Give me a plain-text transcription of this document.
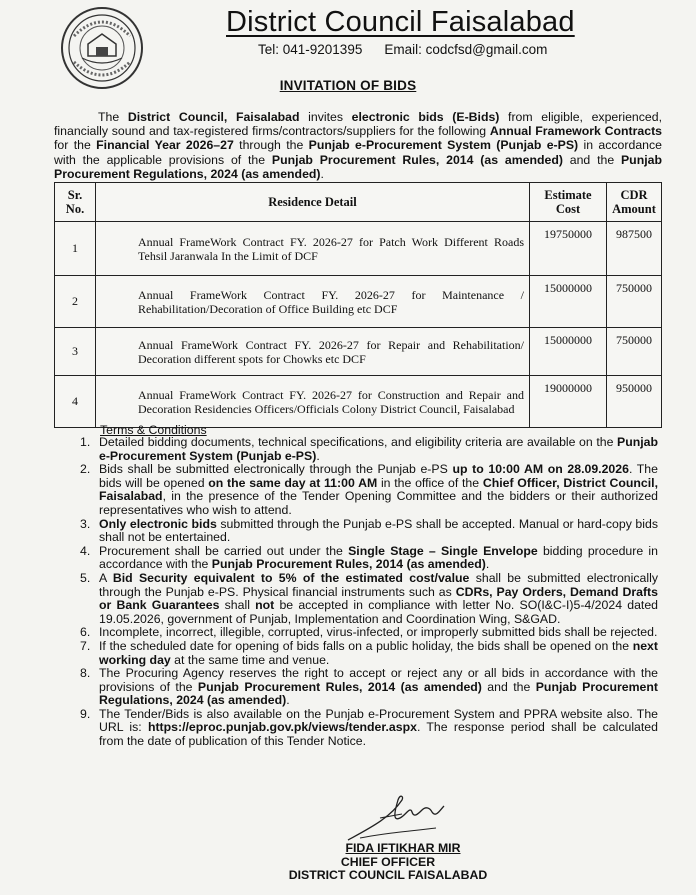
District Council Faisalabad
Tel: 041-9201395 Email: codcfsd@gmail.com
INVITATION OF BIDS
The District Council, Faisalabad invites electronic bids (E-Bids) from eligible, experienced, financially sound and tax-registered firms/contractors/suppliers for the following Annual Framework Contracts for the Financial Year 2026–27 through the Punjab e-Procurement System (Punjab e-PS) in accordance with the applicable provisions of the Punjab Procurement Rules, 2014 (as amended) and the Punjab Procurement Regulations, 2024 (as amended).
Sr. No.	Residence Detail	Estimate Cost	CDR Amount
1	Annual FrameWork Contract FY. 2026-27 for Patch Work Different Roads Tehsil Jaranwala In the Limit of DCF	19750000	987500
2	Annual FrameWork Contract FY. 2026-27 for Maintenance / Rehabilitation/Decoration of Office Building etc DCF	15000000	750000
3	Annual FrameWork Contract FY. 2026-27 for Repair and Rehabilitation/ Decoration different spots for Chowks etc DCF	15000000	750000
4	Annual FrameWork Contract FY. 2026-27 for Construction and Repair and Decoration Residencies Officers/Officials Colony District Council, Faisalabad	19000000	950000
Terms & Conditions
1. Detailed bidding documents, technical specifications, and eligibility criteria are available on the Punjab e-Procurement System (Punjab e-PS).
2. Bids shall be submitted electronically through the Punjab e-PS up to 10:00 AM on 28.09.2026. The bids will be opened on the same day at 11:00 AM in the office of the Chief Officer, District Council, Faisalabad, in the presence of the Tender Opening Committee and the bidders or their authorized representatives who wish to attend.
3. Only electronic bids submitted through the Punjab e-PS shall be accepted. Manual or hard-copy bids shall not be entertained.
4. Procurement shall be carried out under the Single Stage – Single Envelope bidding procedure in accordance with the Punjab Procurement Rules, 2014 (as amended).
5. A Bid Security equivalent to 5% of the estimated cost/value shall be submitted electronically through the Punjab e-PS. Physical financial instruments such as CDRs, Pay Orders, Demand Drafts or Bank Guarantees shall not be accepted in compliance with letter No. SO(I&C-I)5-4/2024 dated 19.05.2026, government of Punjab, Implementation and Coordination Wing, S&GAD.
6. Incomplete, incorrect, illegible, corrupted, virus-infected, or improperly submitted bids shall be rejected.
7. If the scheduled date for opening of bids falls on a public holiday, the bids shall be opened on the next working day at the same time and venue.
8. The Procuring Agency reserves the right to accept or reject any or all bids in accordance with the provisions of the Punjab Procurement Rules, 2014 (as amended) and the Punjab Procurement Regulations, 2024 (as amended).
9. The Tender/Bids is also available on the Punjab e-Procurement System and PPRA website also. The URL is: https://eproc.punjab.gov.pk/views/tender.aspx. The response period shall be calculated from the date of publication of this Tender Notice.
FIDA IFTIKHAR MIR
CHIEF OFFICER
DISTRICT COUNCIL FAISALABAD
